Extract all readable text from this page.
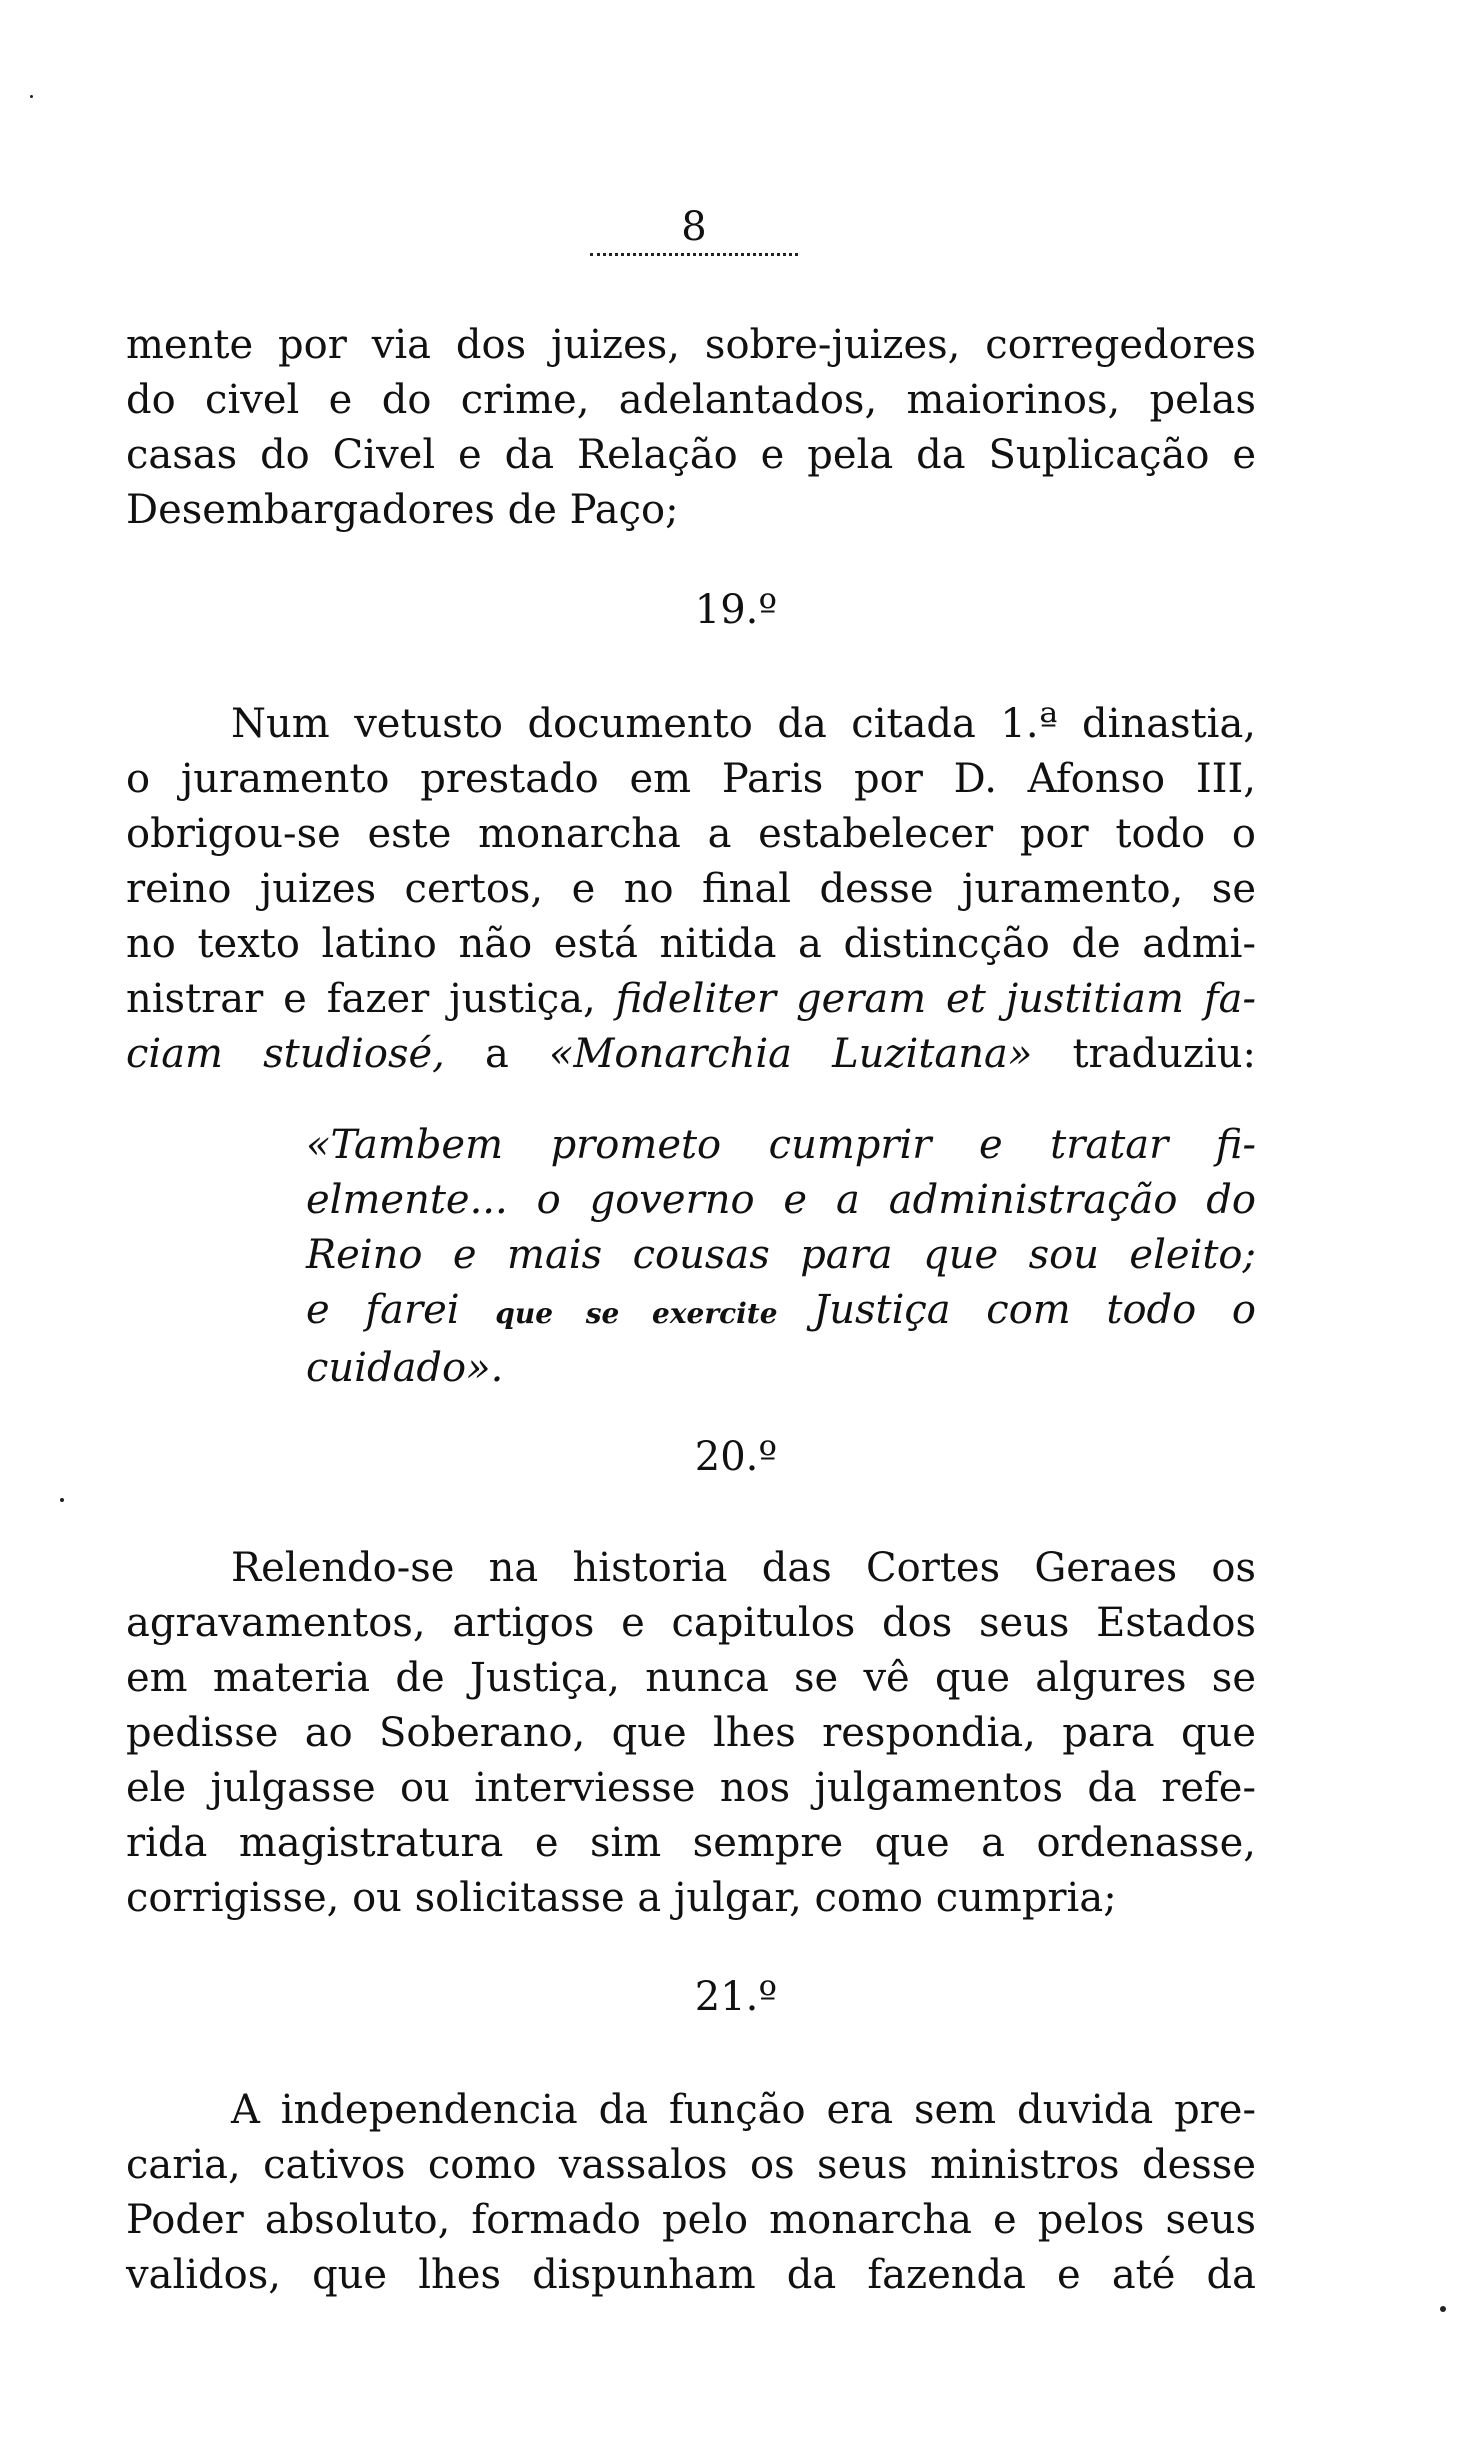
8
mente por via dos juizes, sobre-juizes, corregedores
do civel e do crime, adelantados, maiorinos, pelas
casas do Civel e da Relação e pela da Suplicação e
Desembargadores de Paço;
19.º
Num vetusto documento da citada 1.ª dinastia,
o juramento prestado em Paris por D. Afonso III,
obrigou-se este monarcha a estabelecer por todo o
reino juizes certos, e no final desse juramento, se
no texto latino não está nitida a distincção de admi-
nistrar e fazer justiça, fideliter geram et justitiam fa-
ciam studiosé, a «Monarchia Luzitana» traduziu:
«Tambem prometo cumprir e tratar fi-
elmente... o governo e a administração do
Reino e mais cousas para que sou eleito;
e farei que se exercite Justiça com todo o
cuidado».
20.º
Relendo-se na historia das Cortes Geraes os
agravamentos, artigos e capitulos dos seus Estados
em materia de Justiça, nunca se vê que algures se
pedisse ao Soberano, que lhes respondia, para que
ele julgasse ou interviesse nos julgamentos da refe-
rida magistratura e sim sempre que a ordenasse,
corrigisse, ou solicitasse a julgar, como cumpria;
21.º
A independencia da função era sem duvida pre-
caria, cativos como vassalos os seus ministros desse
Poder absoluto, formado pelo monarcha e pelos seus
validos, que lhes dispunham da fazenda e até da
